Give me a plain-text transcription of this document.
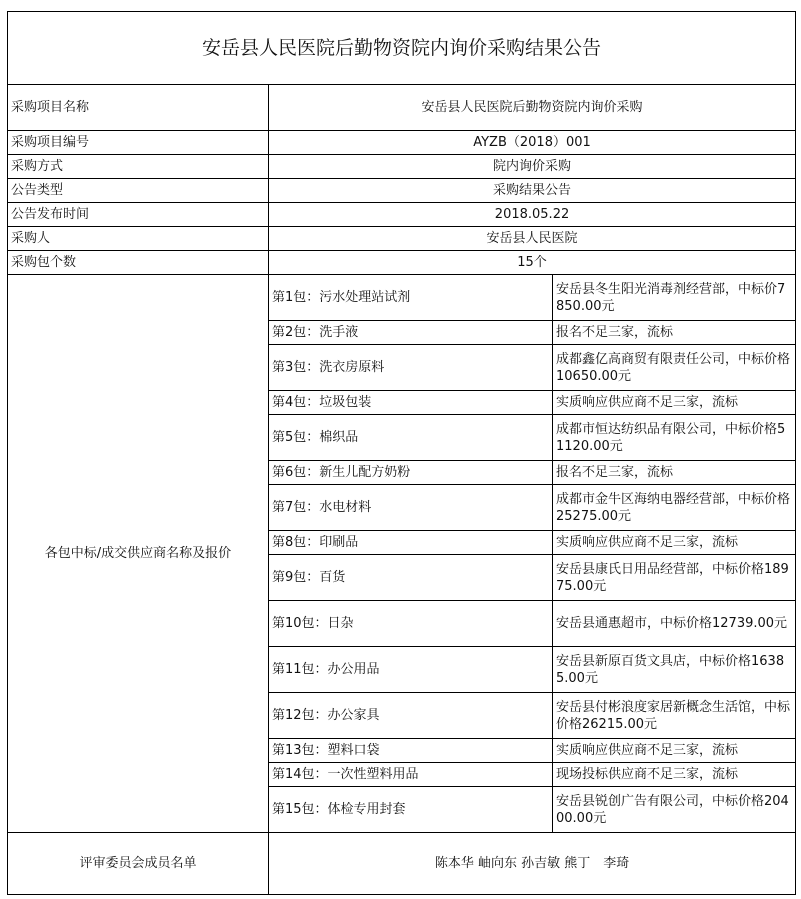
安岳县人民医院后勤物资院内询价采购结果公告		
采购项目名称	安岳县人民医院后勤物资院内询价采购	
采购项目编号	AYZB（2018）001	
采购方式	院内询价采购	
公告类型	采购结果公告	
公告发布时间	2018.05.22	
采购人	安岳县人民医院	
采购包个数	15个	
各包中标/成交供应商名称及报价	第1包：污水处理站试剂	安岳县冬生阳光消毒剂经营部，中标价7850.00元
	第2包：洗手液	报名不足三家，流标
	第3包：洗衣房原料	成都鑫亿高商贸有限责任公司，中标价格10650.00元
	第4包：垃圾包装	实质响应供应商不足三家，流标
	第5包：棉织品	成都市恒达纺织品有限公司，中标价格51120.00元
	第6包：新生儿配方奶粉	报名不足三家，流标
	第7包：水电材料	成都市金牛区海纳电器经营部，中标价格25275.00元
	第8包：印刷品	实质响应供应商不足三家，流标
	第9包：百货	安岳县康氏日用品经营部，中标价格18975.00元
	第10包：日杂	安岳县通惠超市，中标价格12739.00元
	第11包：办公用品	安岳县新原百货文具店，中标价格16385.00元
	第12包：办公家具	安岳县付彬浪度家居新概念生活馆，中标价格26215.00元
	第13包：塑料口袋	实质响应供应商不足三家，流标
	第14包：一次性塑料用品	现场投标供应商不足三家，流标
	第15包：体检专用封套	安岳县锐创广告有限公司，中标价格20400.00元
评审委员会成员名单	陈本华 岫向东 孙吉敏 熊丁　李琦	
